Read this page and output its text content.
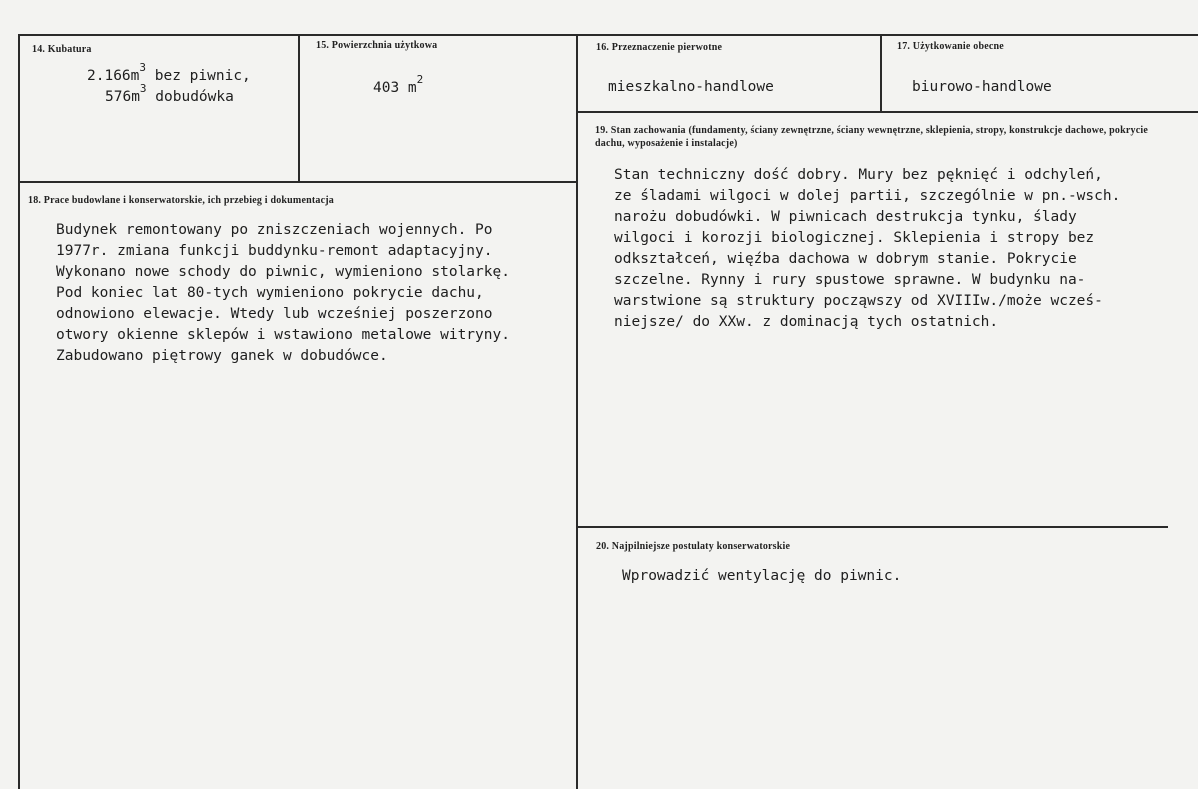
14. Kubatura
$2.166m^3$ bez piwnic,
$576m^3$ dobudówka
15. Powierzchnia użytkowa
403 $m^2$
16. Przeznaczenie pierwotne
mieszkalno-handlowe
17. Użytkowanie obecne
biurowo-handlowe
18. Prace budowlane i konserwatorskie, ich przebieg i dokumentacja
Budynek remontowany po zniszczeniach wojennych. Po
1977r. zmiana funkcji buddynku-remont adaptacyjny.
Wykonano nowe schody do piwnic, wymieniono stolarkę.
Pod koniec lat 80-tych wymieniono pokrycie dachu,
odnowiono elewacje. Wtedy lub wcześniej poszerzono
otwory okienne sklepów i wstawiono metalowe witryny.
Zabudowano piętrowy ganek w dobudówce.
19. Stan zachowania (fundamenty, ściany zewnętrzne, ściany wewnętrzne, sklepienia, stropy, konstrukcje dachowe, pokrycie dachu, wyposażenie i instalacje)
Stan techniczny dość dobry. Mury bez pęknięć i odchyleń,
ze śladami wilgoci w dolej partii, szczególnie w pn.-wsch.
narożu dobudówki. W piwnicach destrukcja tynku, ślady
wilgoci i korozji biologicznej. Sklepienia i stropy bez
odkształceń, więźba dachowa w dobrym stanie. Pokrycie
szczelne. Rynny i rury spustowe sprawne. W budynku na-
warstwione są struktury począwszy od XVIIIw./może wcześ-
niejsze/ do XXw. z dominacją tych ostatnich.
20. Najpilniejsze postulaty konserwatorskie
Wprowadzić wentylację do piwnic.
